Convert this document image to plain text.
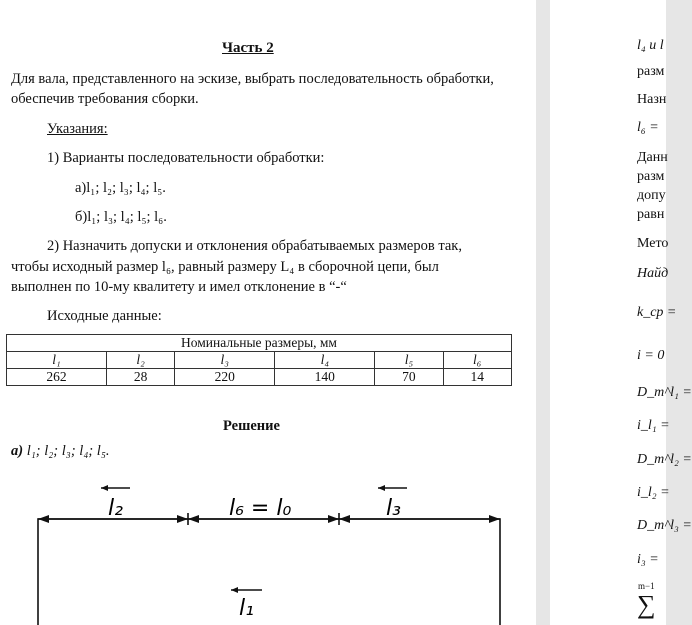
Часть 2
Для вала, представленного на эскизе, выбрать последовательность обработки,
обеспечив требования сборки.
Указания:
1) Варианты последовательности обработки:
а)l₁; l₂; l₃; l₄; l₅.
б)l₁; l₃; l₄; l₅; l₆.
2) Назначить допуски и отклонения обрабатываемых размеров так,
чтобы исходный размер l₆, равный размеру L₄ в сборочной цепи, был
выполнен по 10-му квалитету и имел отклонение в “-“
Исходные данные:
Номинальные размеры, мм					
l₁	l₂	l₃	l₄	l₅	l₆
262	28	220	140	70	14
Решение
а) l₁; l₂; l₃; l₄; l₅.
l₂	l₆ = l₀	l₃
l₁
l₄ и l
разм
Назн
l₆ =
Данн
разм
допу
равн
Мето
Найд
k_cp =
i = 0
D_m^l₁ =
i_l₁ =
D_m^l₂ =
i_l₂ =
D_m^l₃ =
i₃ =
m−1
∑
